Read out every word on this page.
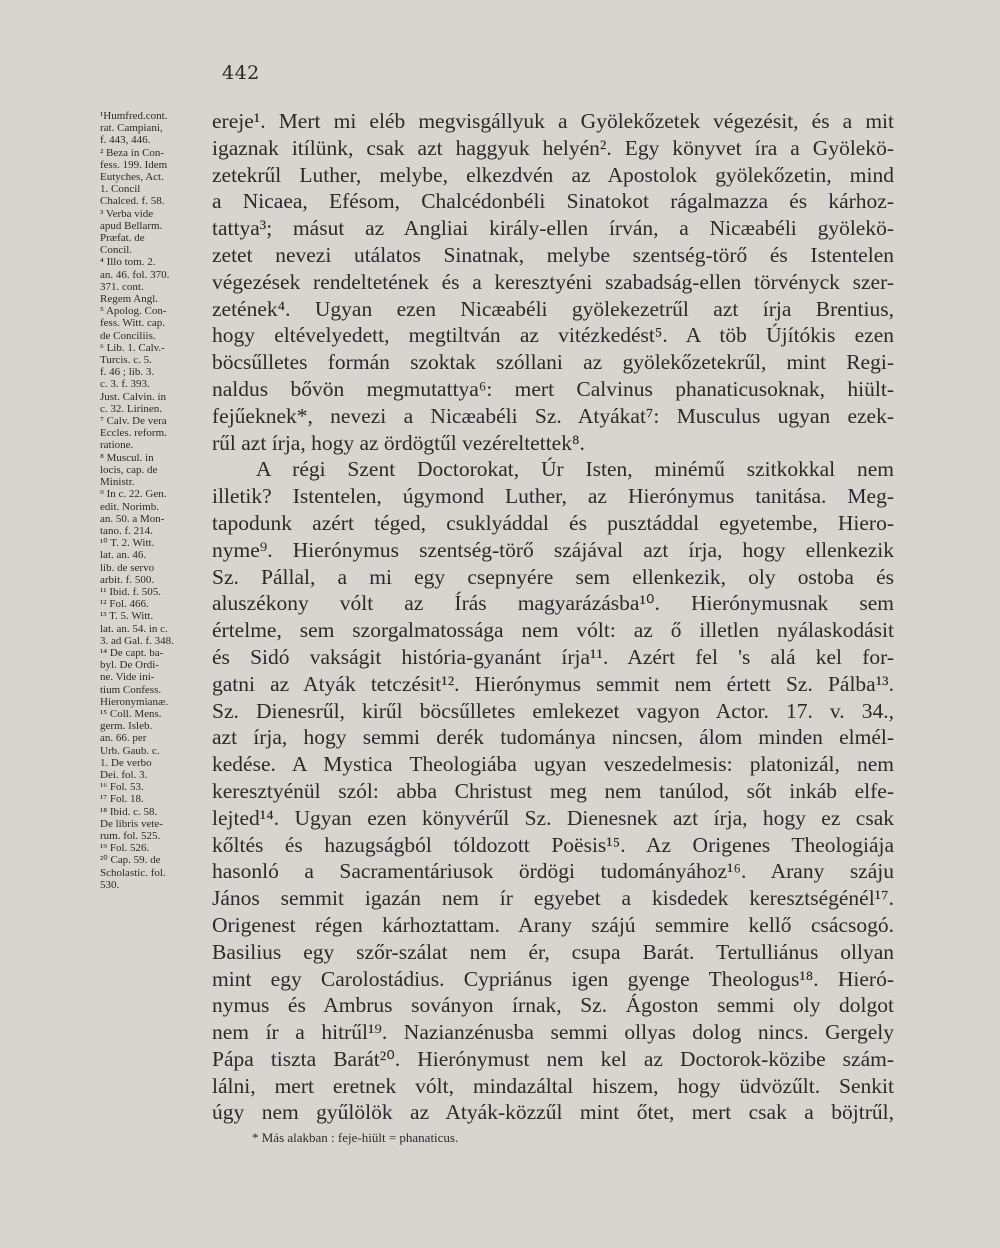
442
¹Humfred.cont.
rat. Campiani,
f. 443, 446.
² Beza in Con-
fess. 199. Idem
Eutyches, Act.
1. Concil
Chalced. f. 58.
³ Verba vide
apud Bellarm.
Præfat. de
Concil.
⁴ Illo tom. 2.
an. 46. fol. 370.
371. cont.
Regem Angl.
⁵ Apolog. Con-
fess. Witt. cap.
de Conciliis.
⁶ Lib. 1. Calv.-
Turcis. c. 5.
f. 46 ; lib. 3.
c. 3. f. 393.
Just. Calvin. in
c. 32. Lirinen.
⁷ Calv. De vera
Eccles. reform.
ratione.
⁸ Muscul. in
locis, cap. de
Ministr.
⁹ In c. 22. Gen.
edit. Norimb.
an. 50. a Mon-
tano. f. 214.
¹⁰ T. 2. Witt.
lat. an. 46.
lib. de servo
arbit. f. 500.
¹¹ Ibid. f. 505.
¹² Fol. 466.
¹³ T. 5. Witt.
lat. an. 54. in c.
3. ad Gal. f. 348.
¹⁴ De capt. ba-
byl. De Ordi-
ne. Vide ini-
tium Confess.
Hieronymianæ.
¹⁵ Coll. Mens.
germ. Isleb.
an. 66. per
Urb. Gaub. c.
1. De verbo
Dei. fol. 3.
¹⁶ Fol. 53.
¹⁷ Fol. 18.
¹⁸ Ibid. c. 58.
De libris vete-
rum. fol. 525.
¹⁹ Fol. 526.
²⁰ Cap. 59. de
Scholastic. fol.
530.
ereje¹. Mert mi eléb megvisgállyuk a Gyölekőzetek végezésit, és a mit
igaznak itílünk, csak azt haggyuk helyén². Egy könyvet íra a Gyölekö-
zetekrűl Luther, melybe, elkezdvén az Apostolok gyölekőzetin, mind
a Nicaea, Efésom, Chalcédonbéli Sinatokot rágalmazza és kárhoz-
tattya³; másut az Angliai király-ellen írván, a Nicæabéli gyölekö-
zetet nevezi utálatos Sinatnak, melybe szentség-törő és Istentelen
végezések rendeltetének és a keresztyéni szabadság-ellen törvényck szer-
zetének⁴. Ugyan ezen Nicæabéli gyölekezetrűl azt írja Brentius,
hogy eltévelyedett, megtiltván az vitézkedést⁵. A töb Újítókis ezen
böcsűlletes formán szoktak szóllani az gyölekőzetekrűl, mint Regi-
naldus bővön megmutattya⁶: mert Calvinus phanaticusoknak, hiült-
fejűeknek*, nevezi a Nicæabéli Sz. Atyákat⁷: Musculus ugyan ezek-
rűl azt írja, hogy az ördögtűl vezéreltettek⁸.
A régi Szent Doctorokat, Úr Isten, minémű szitkokkal nem
illetik? Istentelen, úgymond Luther, az Hierónymus tanitása. Meg-
tapodunk azért téged, csuklyáddal és pusztáddal egyetembe, Hiero-
nyme⁹. Hierónymus szentség-törő szájával azt írja, hogy ellenkezik
Sz. Pállal, a mi egy csepnyére sem ellenkezik, oly ostoba és
aluszékony vólt az Írás magyarázásba¹⁰. Hierónymusnak sem
értelme, sem szorgalmatossága nem vólt: az ő illetlen nyálaskodásit
és Sidó vakságit história-gyanánt írja¹¹. Azért fel 's alá kel for-
gatni az Atyák tetczésit¹². Hierónymus semmit nem értett Sz. Pálba¹³.
Sz. Dienesrűl, kirűl böcsűlletes emlekezet vagyon Actor. 17. v. 34.,
azt írja, hogy semmi derék tudománya nincsen, álom minden elmél-
kedése. A Mystica Theologiába ugyan veszedelmesis: platonizál, nem
keresztyénül szól: abba Christust meg nem tanúlod, sőt inkáb elfe-
lejted¹⁴. Ugyan ezen könyvérűl Sz. Dienesnek azt írja, hogy ez csak
kőltés és hazugságból tóldozott Poësis¹⁵. Az Origenes Theologiája
hasonló a Sacramentáriusok ördögi tudományához¹⁶. Arany száju
János semmit igazán nem ír egyebet a kisdedek keresztségénél¹⁷.
Origenest régen kárhoztattam. Arany szájú semmire kellő csácsogó.
Basilius egy szőr-szálat nem ér, csupa Barát. Tertulliánus ollyan
mint egy Carolostádius. Cypriánus igen gyenge Theologus¹⁸. Hieró-
nymus és Ambrus soványon írnak, Sz. Ágoston semmi oly dolgot
nem ír a hitrűl¹⁹. Nazianzénusba semmi ollyas dolog nincs. Gergely
Pápa tiszta Barát²⁰. Hierónymust nem kel az Doctorok-közibe szám-
lálni, mert eretnek vólt, mindazáltal hiszem, hogy üdvözűlt. Senkit
úgy nem gyűlölök az Atyák-közzűl mint őtet, mert csak a böjtrűl,
* Más alakban : feje-hiült = phanaticus.
